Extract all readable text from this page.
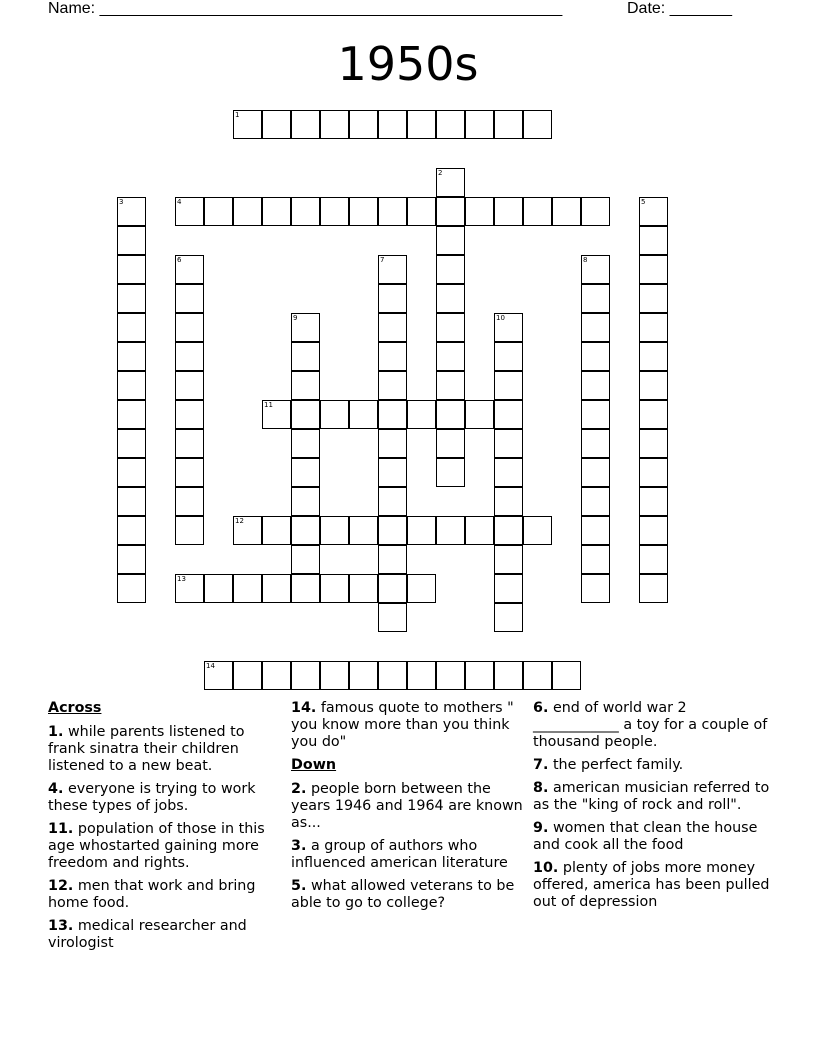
Name: ____________________________________________________	Date: _______
1950s
1
2
3	4	5
6	7	8
9	10
11
12
13
14
Across
1. while parents listened to frank sinatra their children listened to a new beat.
4. everyone is trying to work these types of jobs.
11. population of those in this age whostarted gaining more freedom and rights.
12. men that work and bring home food.
13. medical researcher and virologist
14. famous quote to mothers " you know more than you think you do"
Down
2. people born between the years 1946 and 1964 are known as...
3. a group of authors who influenced american literature
5. what allowed veterans to be able to go to college?
6. end of world war 2 ____________ a toy for a couple of thousand people.
7. the perfect family.
8. american musician referred to as the "king of rock and roll".
9. women that clean the house and cook all the food
10. plenty of jobs more money offered, america has been pulled out of depression
